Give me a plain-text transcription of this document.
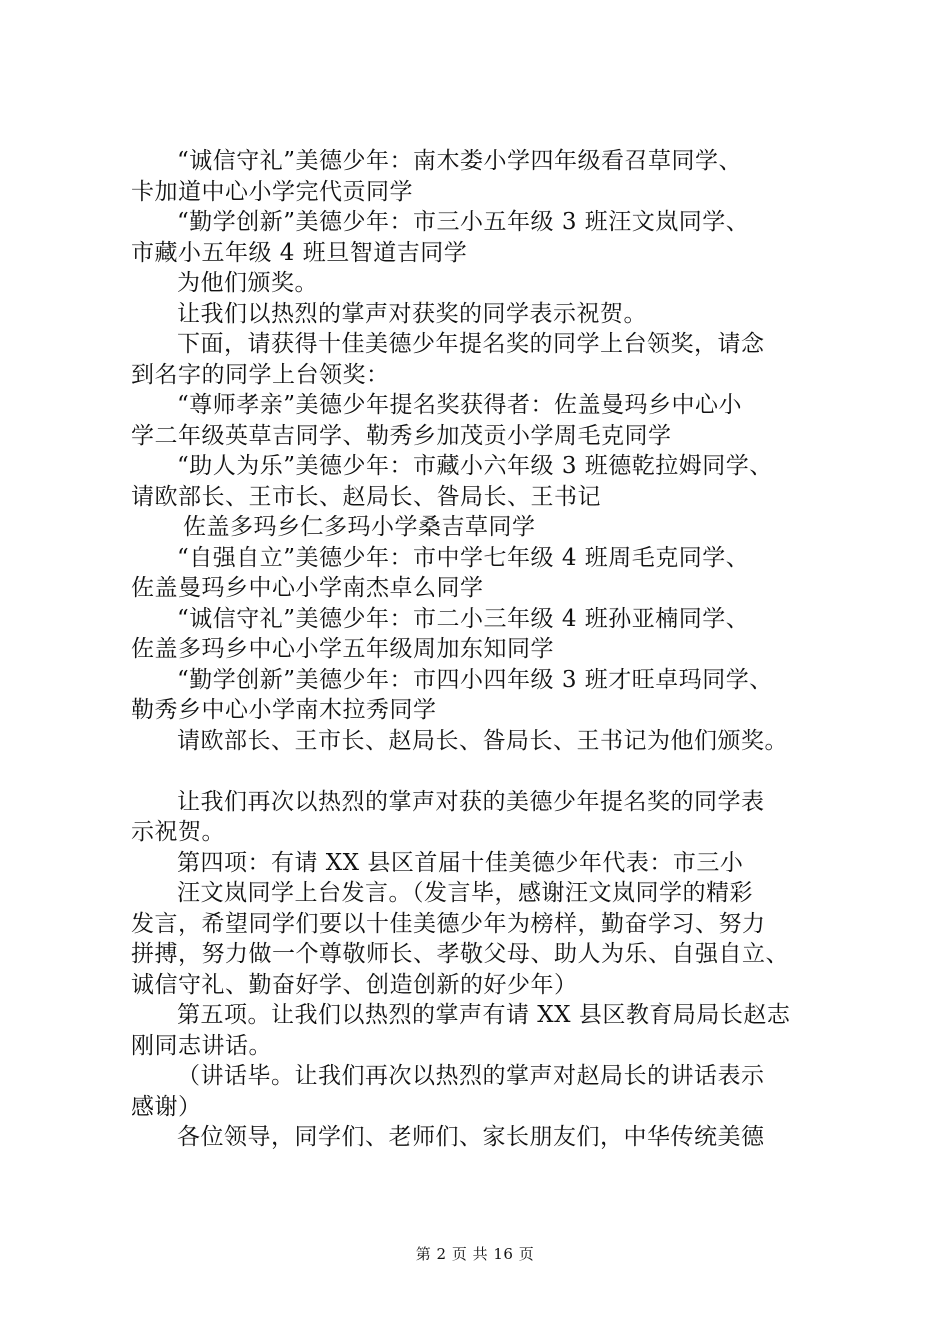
“诚信守礼”美德少年：南木娄小学四年级看召草同学、
卡加道中心小学完代贡同学
“勤学创新”美德少年：市三小五年级 3 班汪文岚同学、
市藏小五年级 4 班旦智道吉同学
为他们颁奖。
让我们以热烈的掌声对获奖的同学表示祝贺。
下面，请获得十佳美德少年提名奖的同学上台领奖，请念
到名字的同学上台领奖：
“尊师孝亲”美德少年提名奖获得者：佐盖曼玛乡中心小
学二年级英草吉同学、勒秀乡加茂贡小学周毛克同学
“助人为乐”美德少年：市藏小六年级 3 班德乾拉姆同学、
请欧部长、王市长、赵局长、昝局长、王书记
佐盖多玛乡仁多玛小学桑吉草同学
“自强自立”美德少年：市中学七年级 4 班周毛克同学、
佐盖曼玛乡中心小学南杰卓么同学
“诚信守礼”美德少年：市二小三年级 4 班孙亚楠同学、
佐盖多玛乡中心小学五年级周加东知同学
“勤学创新”美德少年：市四小四年级 3 班才旺卓玛同学、
勒秀乡中心小学南木拉秀同学
请欧部长、王市长、赵局长、昝局长、王书记为他们颁奖。
让我们再次以热烈的掌声对获的美德少年提名奖的同学表
示祝贺。
第四项：有请 XX 县区首届十佳美德少年代表：市三小
汪文岚同学上台发言。（发言毕，感谢汪文岚同学的精彩
发言，希望同学们要以十佳美德少年为榜样，勤奋学习、努力
拼搏，努力做一个尊敬师长、孝敬父母、助人为乐、自强自立、
诚信守礼、勤奋好学、创造创新的好少年）
第五项。让我们以热烈的掌声有请 XX 县区教育局局长赵志
刚同志讲话。
（讲话毕。让我们再次以热烈的掌声对赵局长的讲话表示
感谢）
各位领导，同学们、老师们、家长朋友们，中华传统美德
第 2 页 共 16 页
